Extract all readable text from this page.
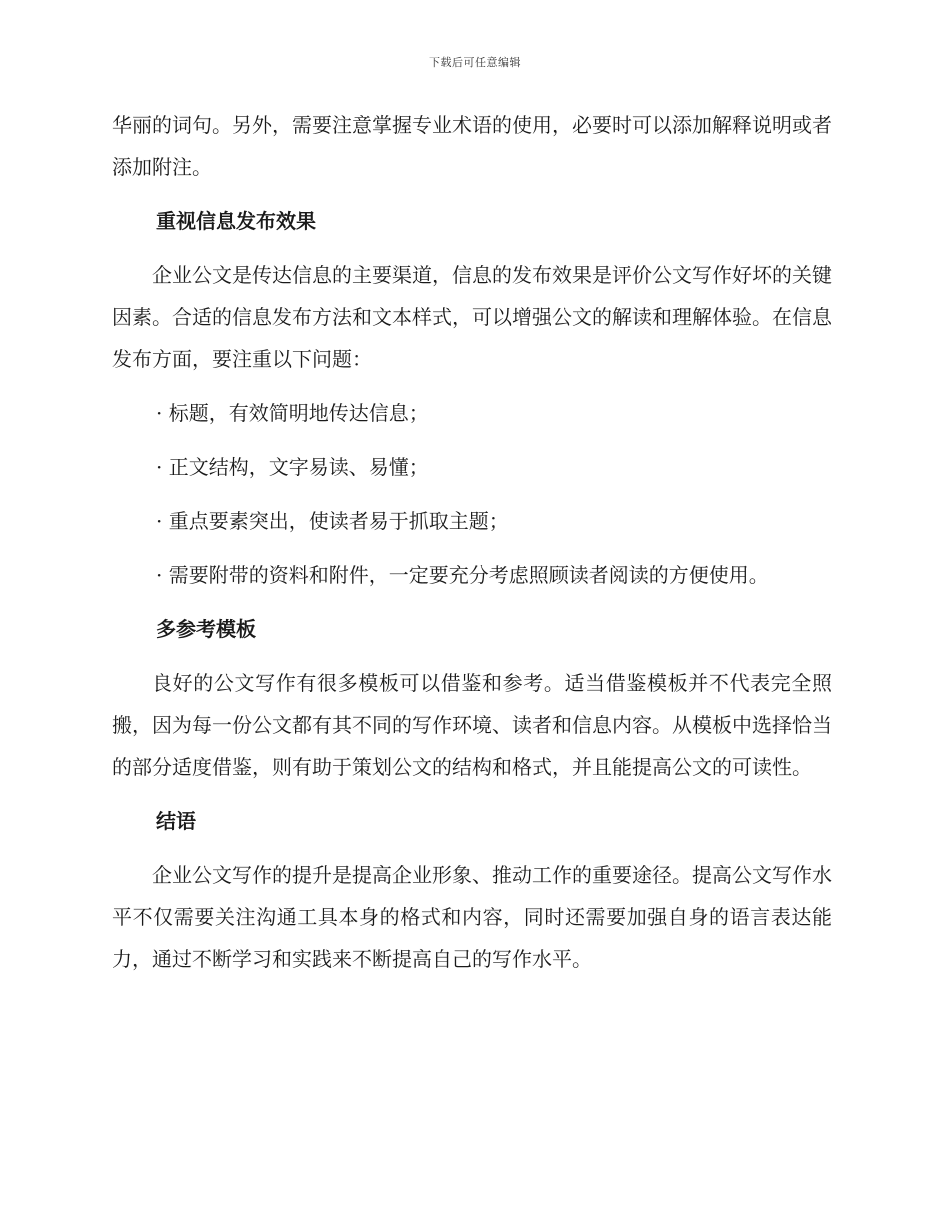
下载后可任意编辑

华丽的词句。另外，需要注意掌握专业术语的使用，必要时可以添加解释说明或者添加附注。

重视信息发布效果

企业公文是传达信息的主要渠道，信息的发布效果是评价公文写作好坏的关键因素。合适的信息发布方法和文本样式，可以增强公文的解读和理解体验。在信息发布方面，要注重以下问题：

· 标题，有效简明地传达信息；
· 正文结构，文字易读、易懂；
· 重点要素突出，使读者易于抓取主题；
· 需要附带的资料和附件，一定要充分考虑照顾读者阅读的方便使用。
多参考模板

良好的公文写作有很多模板可以借鉴和参考。适当借鉴模板并不代表完全照搬，因为每一份公文都有其不同的写作环境、读者和信息内容。从模板中选择恰当的部分适度借鉴，则有助于策划公文的结构和格式，并且能提高公文的可读性。

结语

企业公文写作的提升是提高企业形象、推动工作的重要途径。提高公文写作水平不仅需要关注沟通工具本身的格式和内容，同时还需要加强自身的语言表达能力，通过不断学习和实践来不断提高自己的写作水平。
